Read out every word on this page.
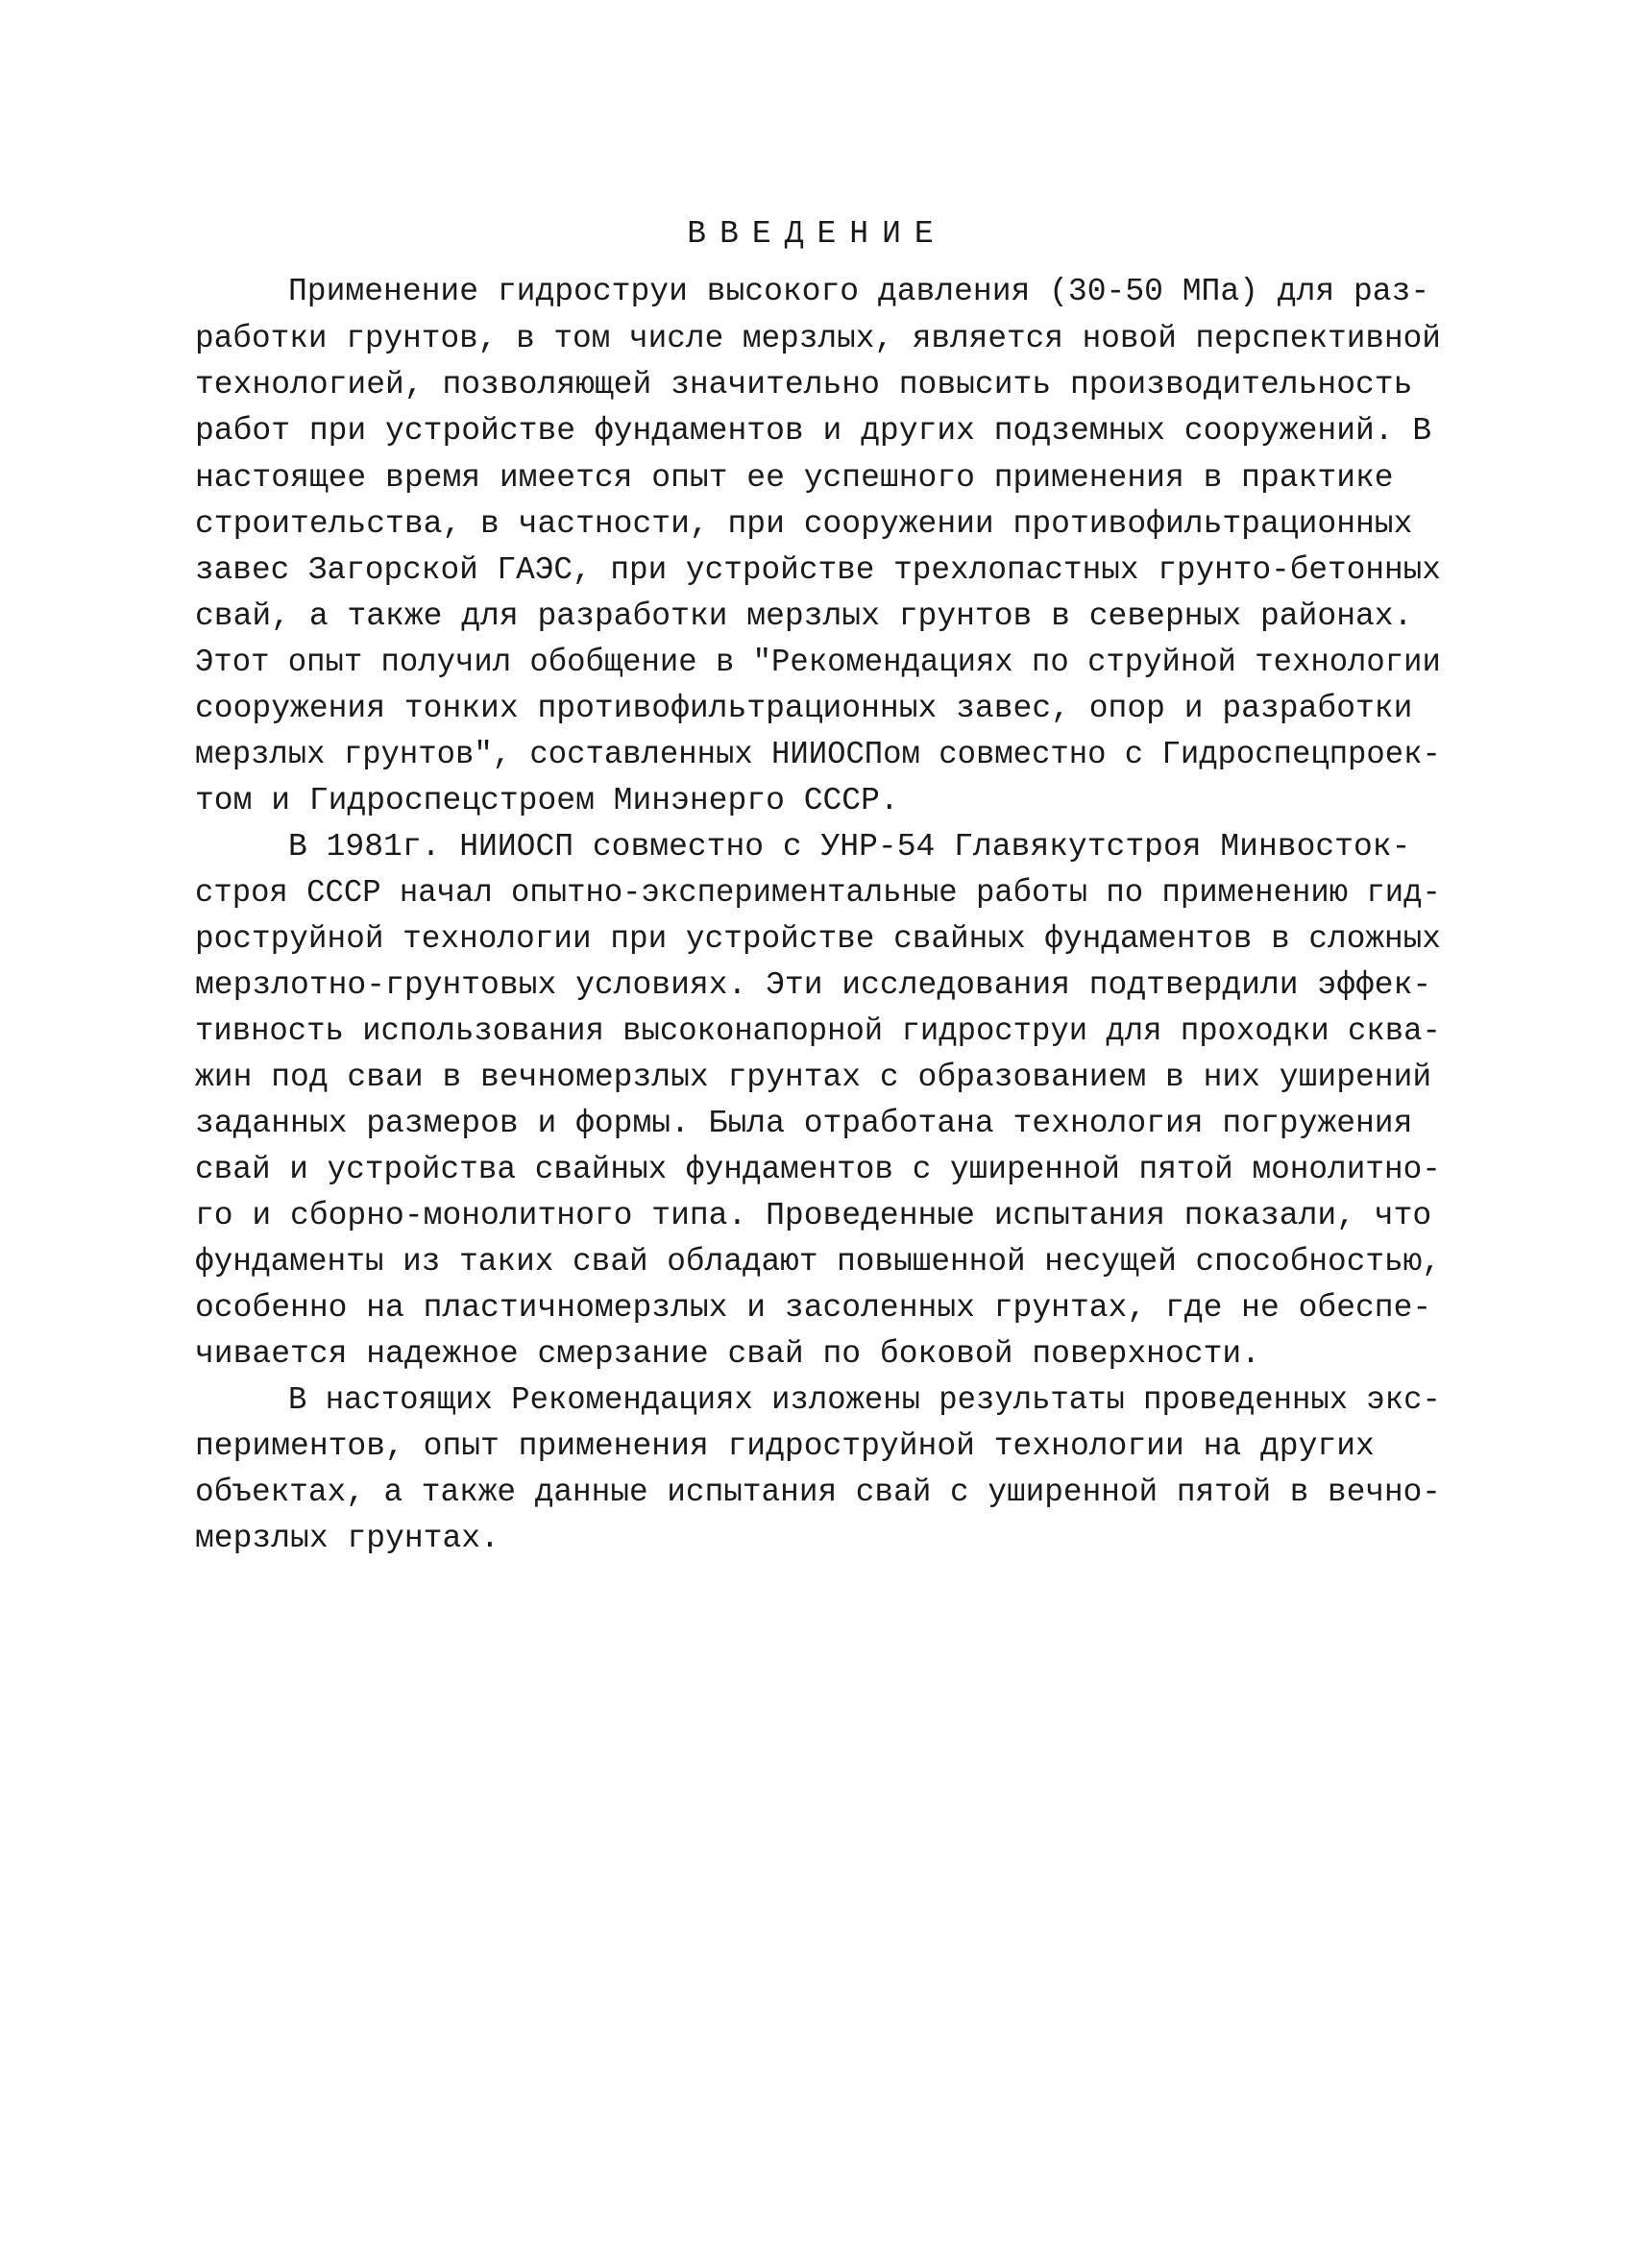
ВВЕДЕНИЕ

Применение гидроструи высокого давления (30-50 МПа) для раз-

работки грунтов, в том числе мерзлых, является новой перспективной

технологией, позволяющей значительно повысить производительность

работ при устройстве фундаментов и других подземных сооружений. В

настоящее время имеется опыт ее успешного применения в практике

строительства, в частности, при сооружении противофильтрационных

завес Загорской ГАЭС, при устройстве трехлопастных грунто-бетонных

свай, а также для разработки мерзлых грунтов в северных районах.

Этот опыт получил обобщение в "Рекомендациях по струйной технологии

сооружения тонких противофильтрационных завес, опор и разработки

мерзлых грунтов", составленных НИИОСПом совместно с Гидроспецпроек-

том и Гидроспецстроем Минэнерго СССР.

В 1981г. НИИОСП совместно с УНР-54 Главякутстроя Минвосток-

строя СССР начал опытно-экспериментальные работы по применению гид-

роструйной технологии при устройстве свайных фундаментов в сложных

мерзлотно-грунтовых условиях. Эти исследования подтвердили эффек-

тивность использования высоконапорной гидроструи для проходки сква-

жин под сваи в вечномерзлых грунтах с образованием в них уширений

заданных размеров и формы. Была отработана технология погружения

свай и устройства свайных фундаментов с уширенной пятой монолитно-

го и сборно-монолитного типа. Проведенные испытания показали, что

фундаменты из таких свай обладают повышенной несущей способностью,

особенно на пластичномерзлых и засоленных грунтах, где не обеспе-

чивается надежное смерзание свай по боковой поверхности.

В настоящих Рекомендациях изложены результаты проведенных экс-

периментов, опыт применения гидроструйной технологии на других

объектах, а также данные испытания свай с уширенной пятой в вечно-

мерзлых грунтах.
